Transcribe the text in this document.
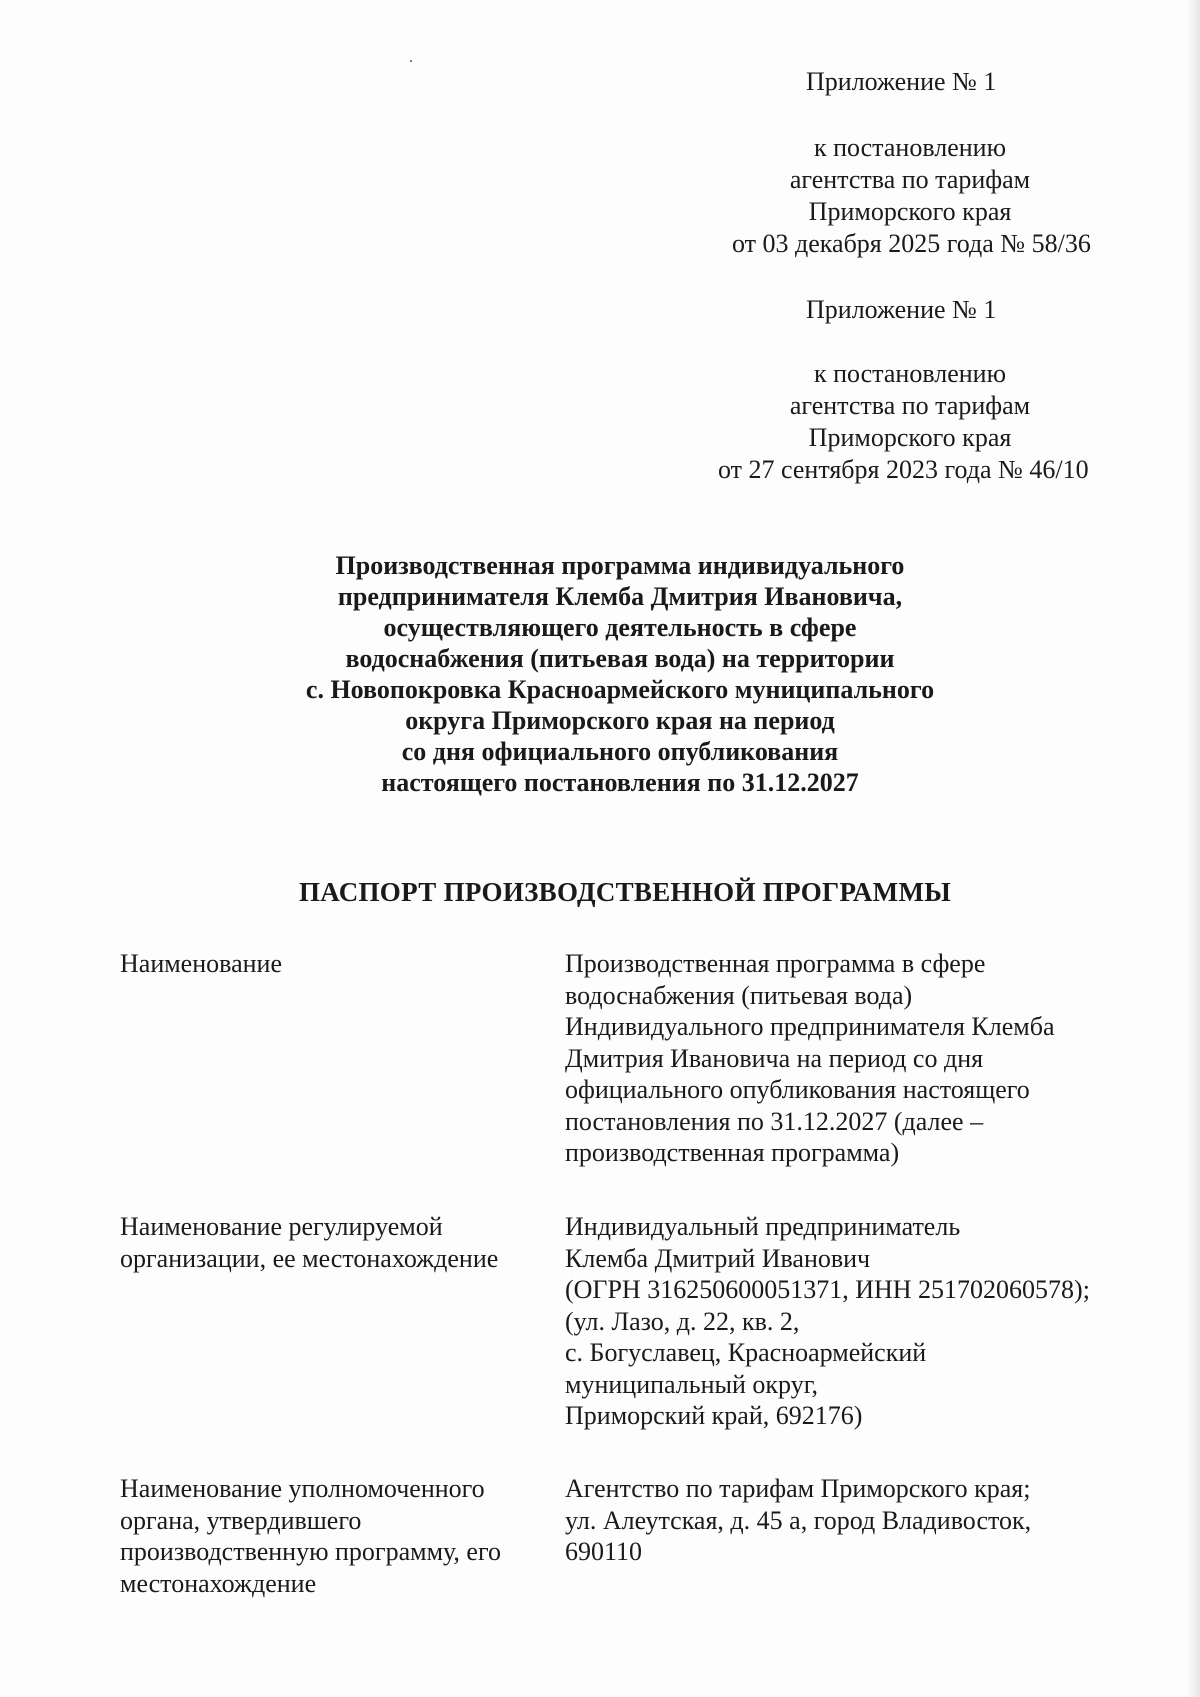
Приложение № 1
к постановлению
агентства по тарифам
Приморского края
от 03 декабря 2025 года № 58/36
Приложение № 1
к постановлению
агентства по тарифам
Приморского края
от 27 сентября 2023 года № 46/10
Производственная программа индивидуального
предпринимателя Клемба Дмитрия Ивановича,
осуществляющего деятельность в сфере
водоснабжения (питьевая вода) на территории
с. Новопокровка Красноармейского муниципального
округа Приморского края на период
со дня официального опубликования
настоящего постановления по 31.12.2027
ПАСПОРТ ПРОИЗВОДСТВЕННОЙ ПРОГРАММЫ
Наименование	Производственная программа в сфере
водоснабжения (питьевая вода)
Индивидуального предпринимателя Клемба
Дмитрия Ивановича на период со дня
официального опубликования настоящего
постановления по 31.12.2027 (далее –
производственная программа)
Наименование регулируемой
организации, ее местонахождение
Индивидуальный предприниматель
Клемба Дмитрий Иванович
(ОГРН 316250600051371, ИНН 251702060578);
(ул. Лазо, д. 22, кв. 2,
с. Богуславец, Красноармейский
муниципальный округ,
Приморский край, 692176)
Наименование уполномоченного
органа, утвердившего
производственную программу, его
местонахождение
Агентство по тарифам Приморского края;
ул. Алеутская, д. 45 а, город Владивосток,
690110
